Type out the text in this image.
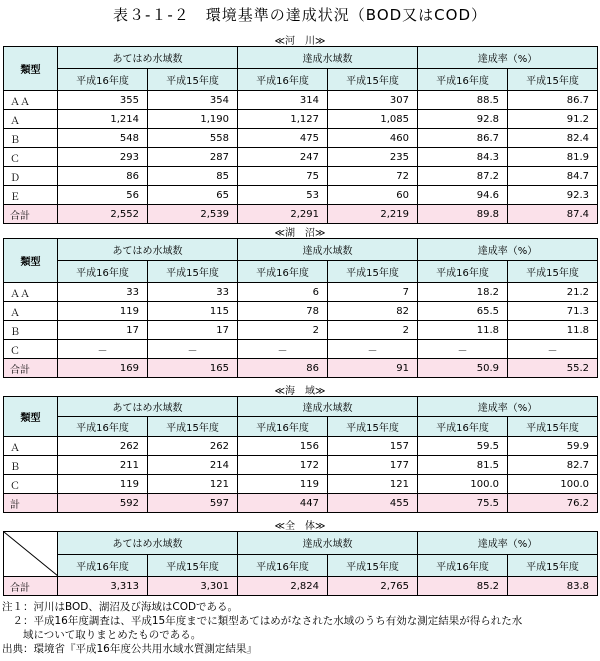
表３-１-２　環境基準の達成状況（BOD又はCOD）
≪河　川≫
類型	あてはめ水域数		達成水域数		達成率（%）	
	平成16年度	平成15年度	平成16年度	平成15年度	平成16年度	平成15年度
ＡＡ	355	354	314	307	88.5	86.7
Ａ	1,214	1,190	1,127	1,085	92.8	91.2
Ｂ	548	558	475	460	86.7	82.4
Ｃ	293	287	247	235	84.3	81.9
Ｄ	86	85	75	72	87.2	84.7
Ｅ	56	65	53	60	94.6	92.3
合計	2,552	2,539	2,291	2,219	89.8	87.4
≪湖　沼≫
類型	あてはめ水域数		達成水域数		達成率（%）	
	平成16年度	平成15年度	平成16年度	平成15年度	平成16年度	平成15年度
ＡＡ	33	33	6	7	18.2	21.2
Ａ	119	115	78	82	65.5	71.3
Ｂ	17	17	2	2	11.8	11.8
Ｃ	－	－	－	－	－	－
合計	169	165	86	91	50.9	55.2
≪海　域≫
類型	あてはめ水域数		達成水域数		達成率（%）	
	平成16年度	平成15年度	平成16年度	平成15年度	平成16年度	平成15年度
Ａ	262	262	156	157	59.5	59.9
Ｂ	211	214	172	177	81.5	82.7
Ｃ	119	121	119	121	100.0	100.0
計	592	597	447	455	75.5	76.2
≪全　体≫
	あてはめ水域数		達成水域数		達成率（%）	
	平成16年度	平成15年度	平成16年度	平成15年度	平成16年度	平成15年度
合計	3,313	3,301	2,824	2,765	85.2	83.8
注１：河川はBOD、湖沼及び海域はCODである。
　２：平成16年度調査は、平成15年度までに類型あてはめがなされた水域のうち有効な測定結果が得られた水
　　域について取りまとめたものである。
出典：環境省『平成16年度公共用水域水質測定結果』
